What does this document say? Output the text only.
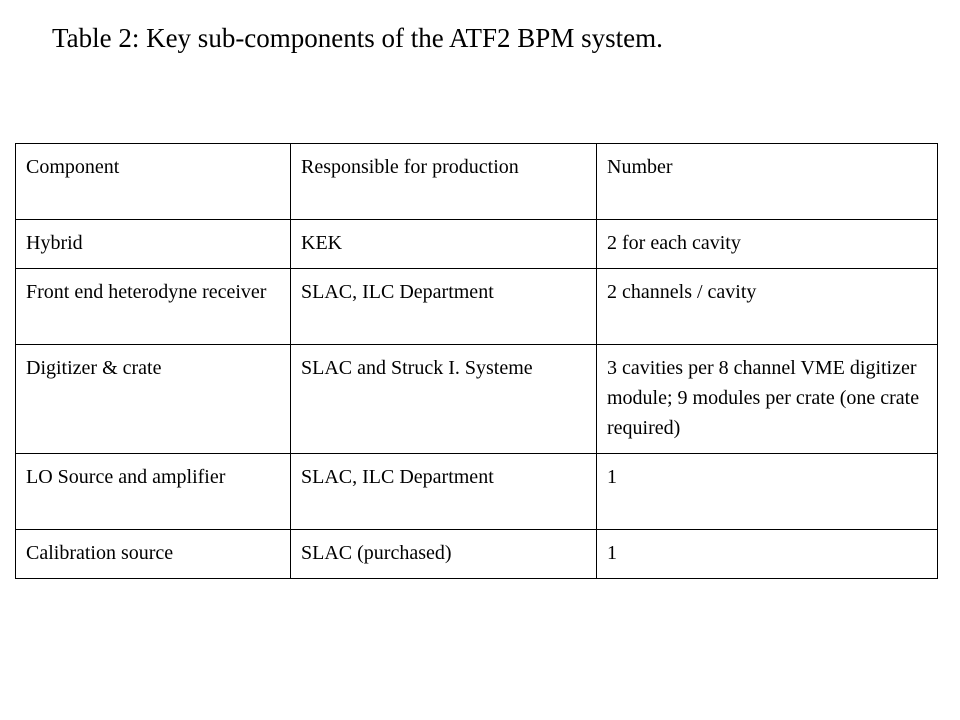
Table 2: Key sub-components of the ATF2 BPM system.
Component	Responsible for production	Number
Hybrid	KEK	2 for each cavity
Front end heterodyne receiver	SLAC, ILC Department	2 channels / cavity
Digitizer & crate	SLAC and Struck I. Systeme	3 cavities per 8 channel VME digitizer module; 9 modules per crate (one crate required)
LO Source and amplifier	SLAC, ILC Department	1
Calibration source	SLAC (purchased)	1
